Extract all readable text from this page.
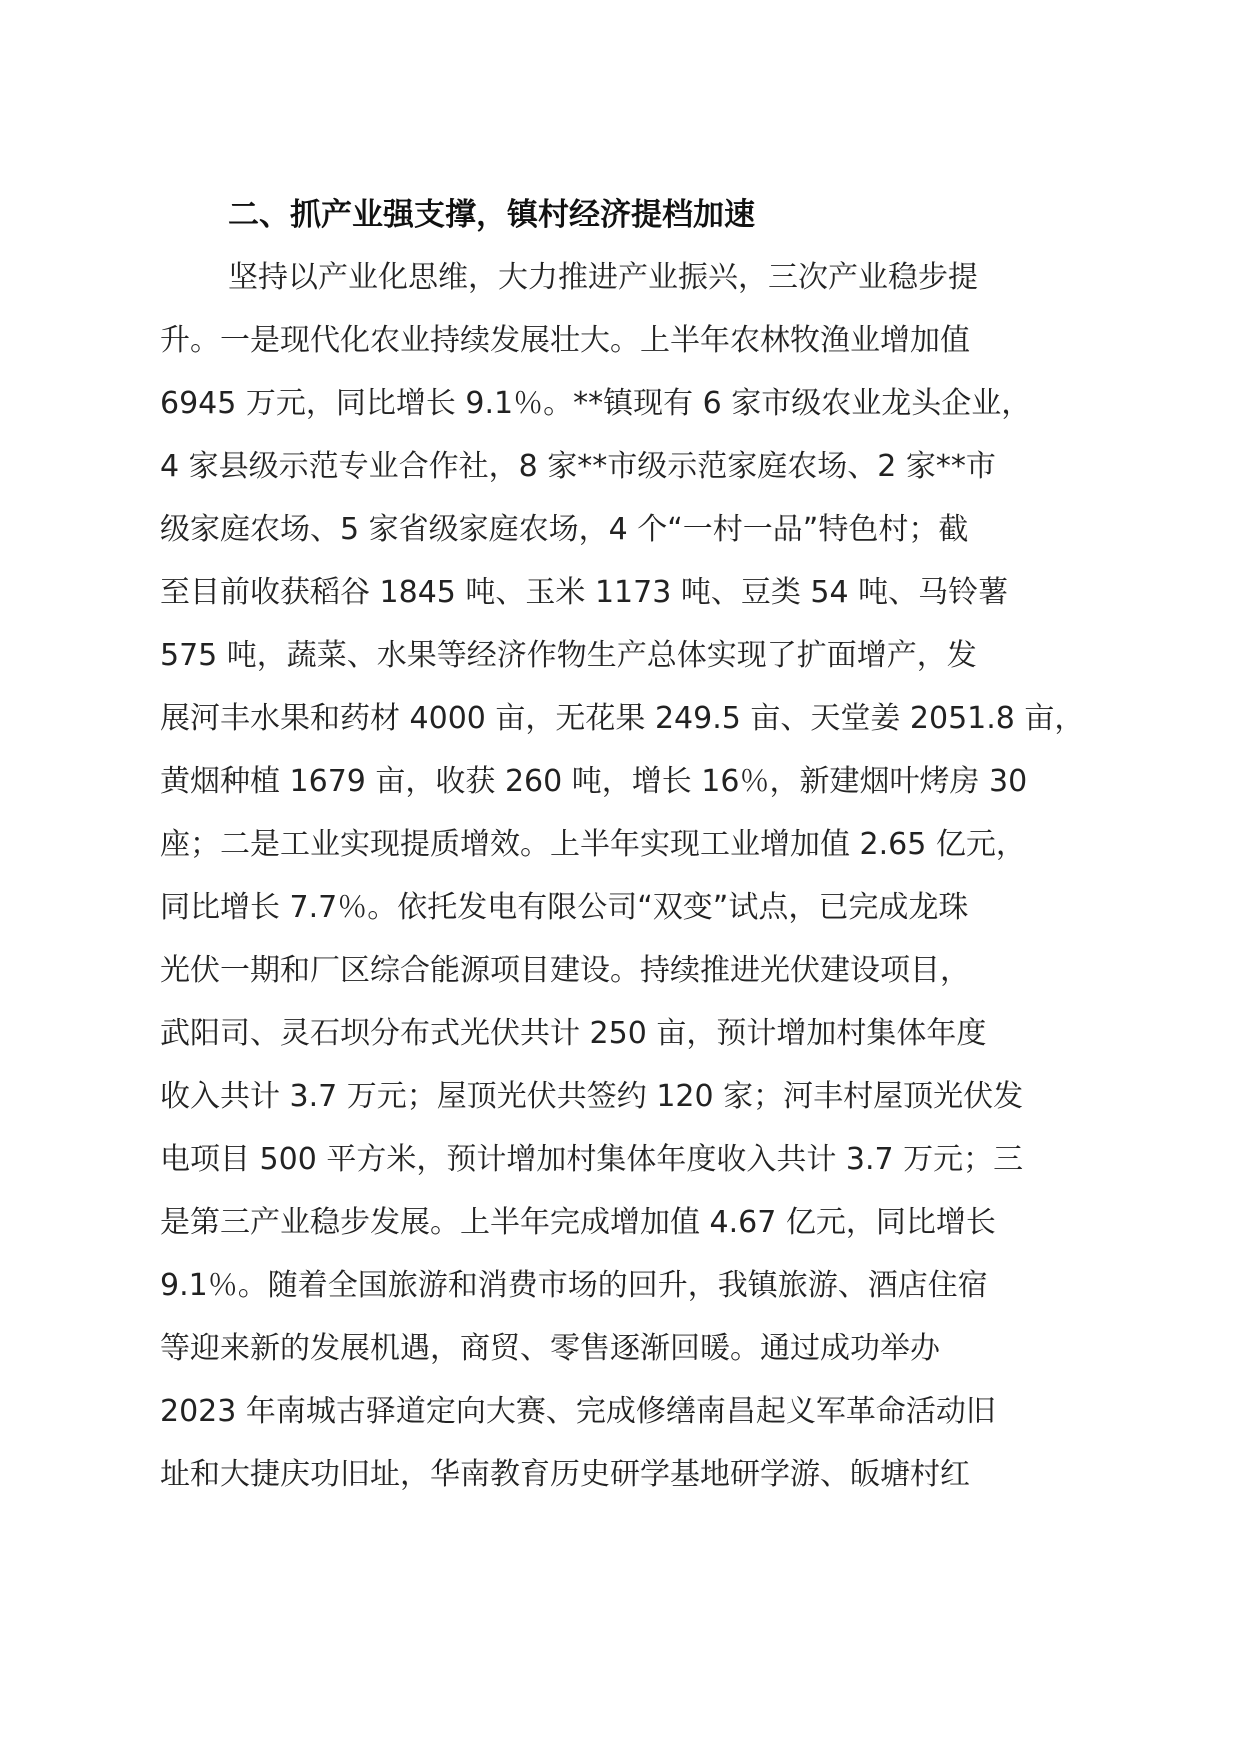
二、抓产业强支撑，镇村经济提档加速
坚持以产业化思维，大力推进产业振兴，三次产业稳步提
升。一是现代化农业持续发展壮大。上半年农林牧渔业增加值
6945 万元，同比增长 9.1％。**镇现有 6 家市级农业龙头企业，
4 家县级示范专业合作社，8 家**市级示范家庭农场、2 家**市
级家庭农场、5 家省级家庭农场，4 个“一村一品”特色村；截
至目前收获稻谷 1845 吨、玉米 1173 吨、豆类 54 吨、马铃薯
575 吨，蔬菜、水果等经济作物生产总体实现了扩面增产，发
展河丰水果和药材 4000 亩，无花果 249.5 亩、天堂姜 2051.8 亩，
黄烟种植 1679 亩，收获 260 吨，增长 16％，新建烟叶烤房 30
座；二是工业实现提质增效。上半年实现工业增加值 2.65 亿元，
同比增长 7.7％。依托发电有限公司“双变”试点，已完成龙珠
光伏一期和厂区综合能源项目建设。持续推进光伏建设项目，
武阳司、灵石坝分布式光伏共计 250 亩，预计增加村集体年度
收入共计 3.7 万元；屋顶光伏共签约 120 家；河丰村屋顶光伏发
电项目 500 平方米，预计增加村集体年度收入共计 3.7 万元；三
是第三产业稳步发展。上半年完成增加值 4.67 亿元，同比增长
9.1％。随着全国旅游和消费市场的回升，我镇旅游、酒店住宿
等迎来新的发展机遇，商贸、零售逐渐回暖。通过成功举办
2023 年南城古驿道定向大赛、完成修缮南昌起义军革命活动旧
址和大捷庆功旧址，华南教育历史研学基地研学游、皈塘村红
